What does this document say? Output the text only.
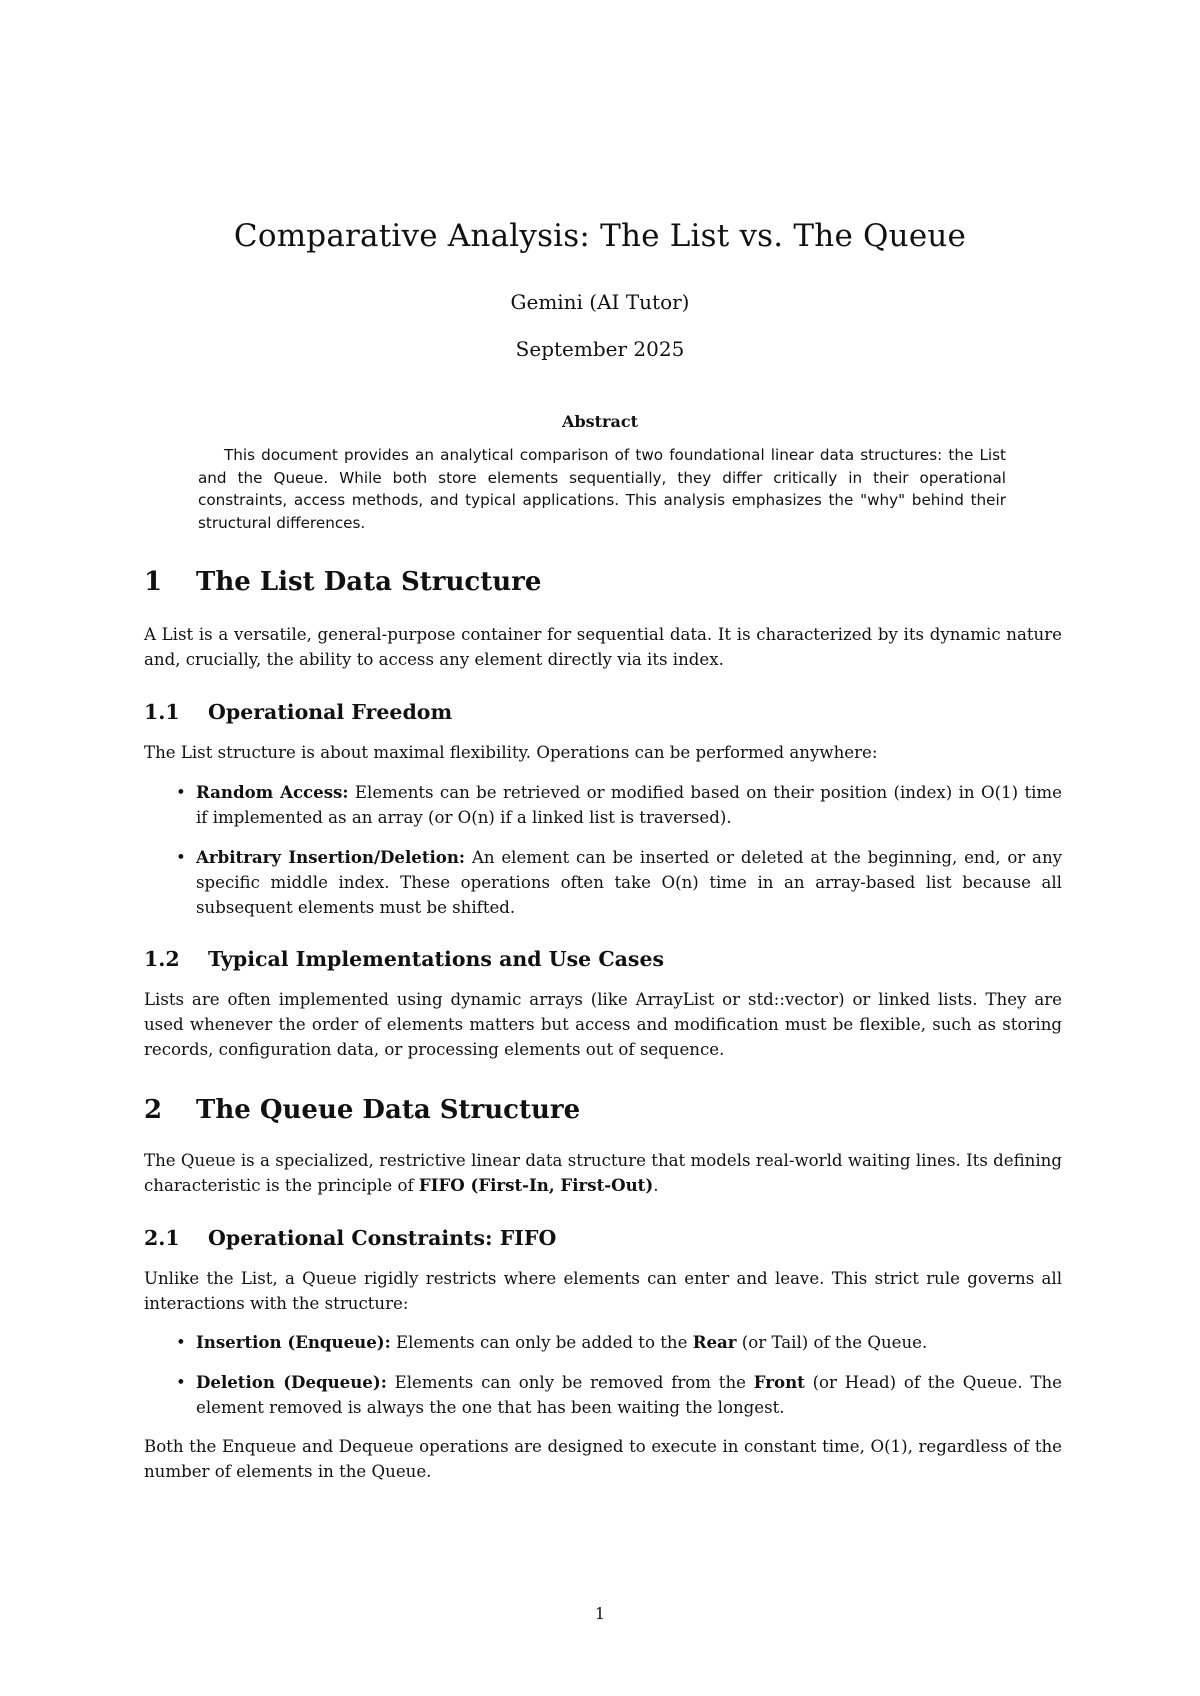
Comparative Analysis: The List vs. The Queue
Gemini (AI Tutor)
September 2025
Abstract
This document provides an analytical comparison of two foundational linear data structures: the List and the Queue. While both store elements sequentially, they differ critically in their operational constraints, access methods, and typical applications. This analysis emphasizes the "why" behind their structural differences.
1 The List Data Structure

A List is a versatile, general-purpose container for sequential data. It is characterized by its dynamic nature and, crucially, the ability to access any element directly via its index.

1.1 Operational Freedom

The List structure is about maximal flexibility. Operations can be performed anywhere:

• Random Access: Elements can be retrieved or modified based on their position (index) in O(1) time if implemented as an array (or O(n) if a linked list is traversed).
• Arbitrary Insertion/Deletion: An element can be inserted or deleted at the beginning, end, or any specific middle index. These operations often take O(n) time in an array-based list because all subsequent elements must be shifted.
1.2 Typical Implementations and Use Cases

Lists are often implemented using dynamic arrays (like ArrayList or std::vector) or linked lists. They are used whenever the order of elements matters but access and modification must be flexible, such as storing records, configuration data, or processing elements out of sequence.

2 The Queue Data Structure

The Queue is a specialized, restrictive linear data structure that models real-world waiting lines. Its defining characteristic is the principle of FIFO (First-In, First-Out).

2.1 Operational Constraints: FIFO

Unlike the List, a Queue rigidly restricts where elements can enter and leave. This strict rule governs all interactions with the structure:

• Insertion (Enqueue): Elements can only be added to the Rear (or Tail) of the Queue.
• Deletion (Dequeue): Elements can only be removed from the Front (or Head) of the Queue. The element removed is always the one that has been waiting the longest.

Both the Enqueue and Dequeue operations are designed to execute in constant time, O(1), regardless of the number of elements in the Queue.

1
